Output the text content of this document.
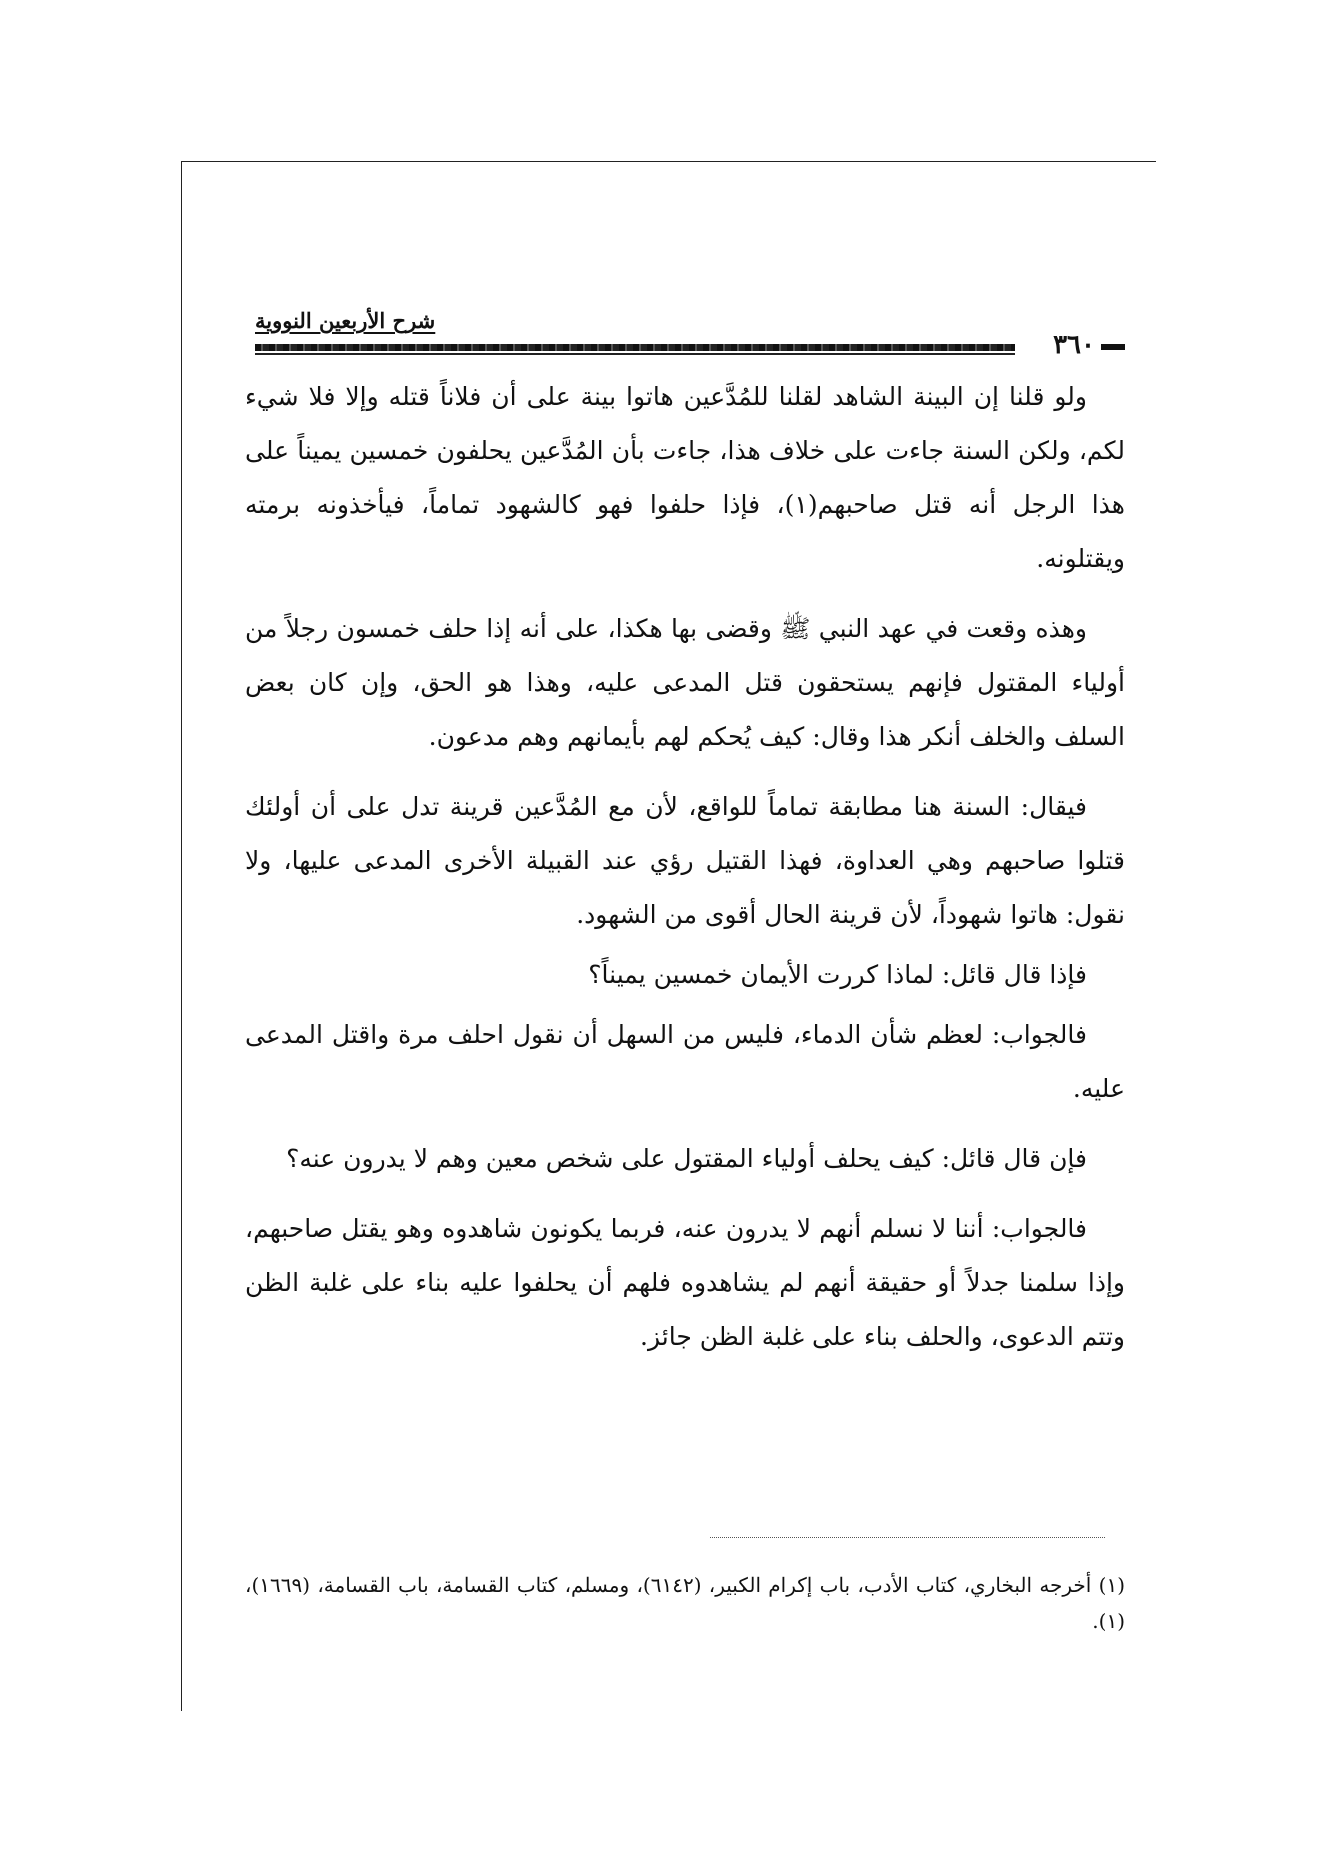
شرح الأربعين النووية
٣٦٠

ولو قلنا إن البينة الشاهد لقلنا للمُدَّعين هاتوا بينة على أن فلاناً قتله وإلا فلا شيء لكم، ولكن السنة جاءت على خلاف هذا، جاءت بأن المُدَّعين يحلفون خمسين يميناً على هذا الرجل أنه قتل صاحبهم(١)، فإذا حلفوا فهو كالشهود تماماً، فيأخذونه برمته ويقتلونه.

وهذه وقعت في عهد النبي ﷺ وقضى بها هكذا، على أنه إذا حلف خمسون رجلاً من أولياء المقتول فإنهم يستحقون قتل المدعى عليه، وهذا هو الحق، وإن كان بعض السلف والخلف أنكر هذا وقال: كيف يُحكم لهم بأيمانهم وهم مدعون.

فيقال: السنة هنا مطابقة تماماً للواقع، لأن مع المُدَّعين قرينة تدل على أن أولئك قتلوا صاحبهم وهي العداوة، فهذا القتيل رؤي عند القبيلة الأخرى المدعى عليها، ولا نقول: هاتوا شهوداً، لأن قرينة الحال أقوى من الشهود.

فإذا قال قائل: لماذا كررت الأيمان خمسين يميناً؟

فالجواب: لعظم شأن الدماء، فليس من السهل أن نقول احلف مرة واقتل المدعى عليه.

فإن قال قائل: كيف يحلف أولياء المقتول على شخص معين وهم لا يدرون عنه؟

فالجواب: أننا لا نسلم أنهم لا يدرون عنه، فربما يكونون شاهدوه وهو يقتل صاحبهم، وإذا سلمنا جدلاً أو حقيقة أنهم لم يشاهدوه فلهم أن يحلفوا عليه بناء على غلبة الظن وتتم الدعوى، والحلف بناء على غلبة الظن جائز.

(١) أخرجه البخاري، كتاب الأدب، باب إكرام الكبير، (٦١٤٢)، ومسلم، كتاب القسامة، باب القسامة، (١٦٦٩)، (١).
